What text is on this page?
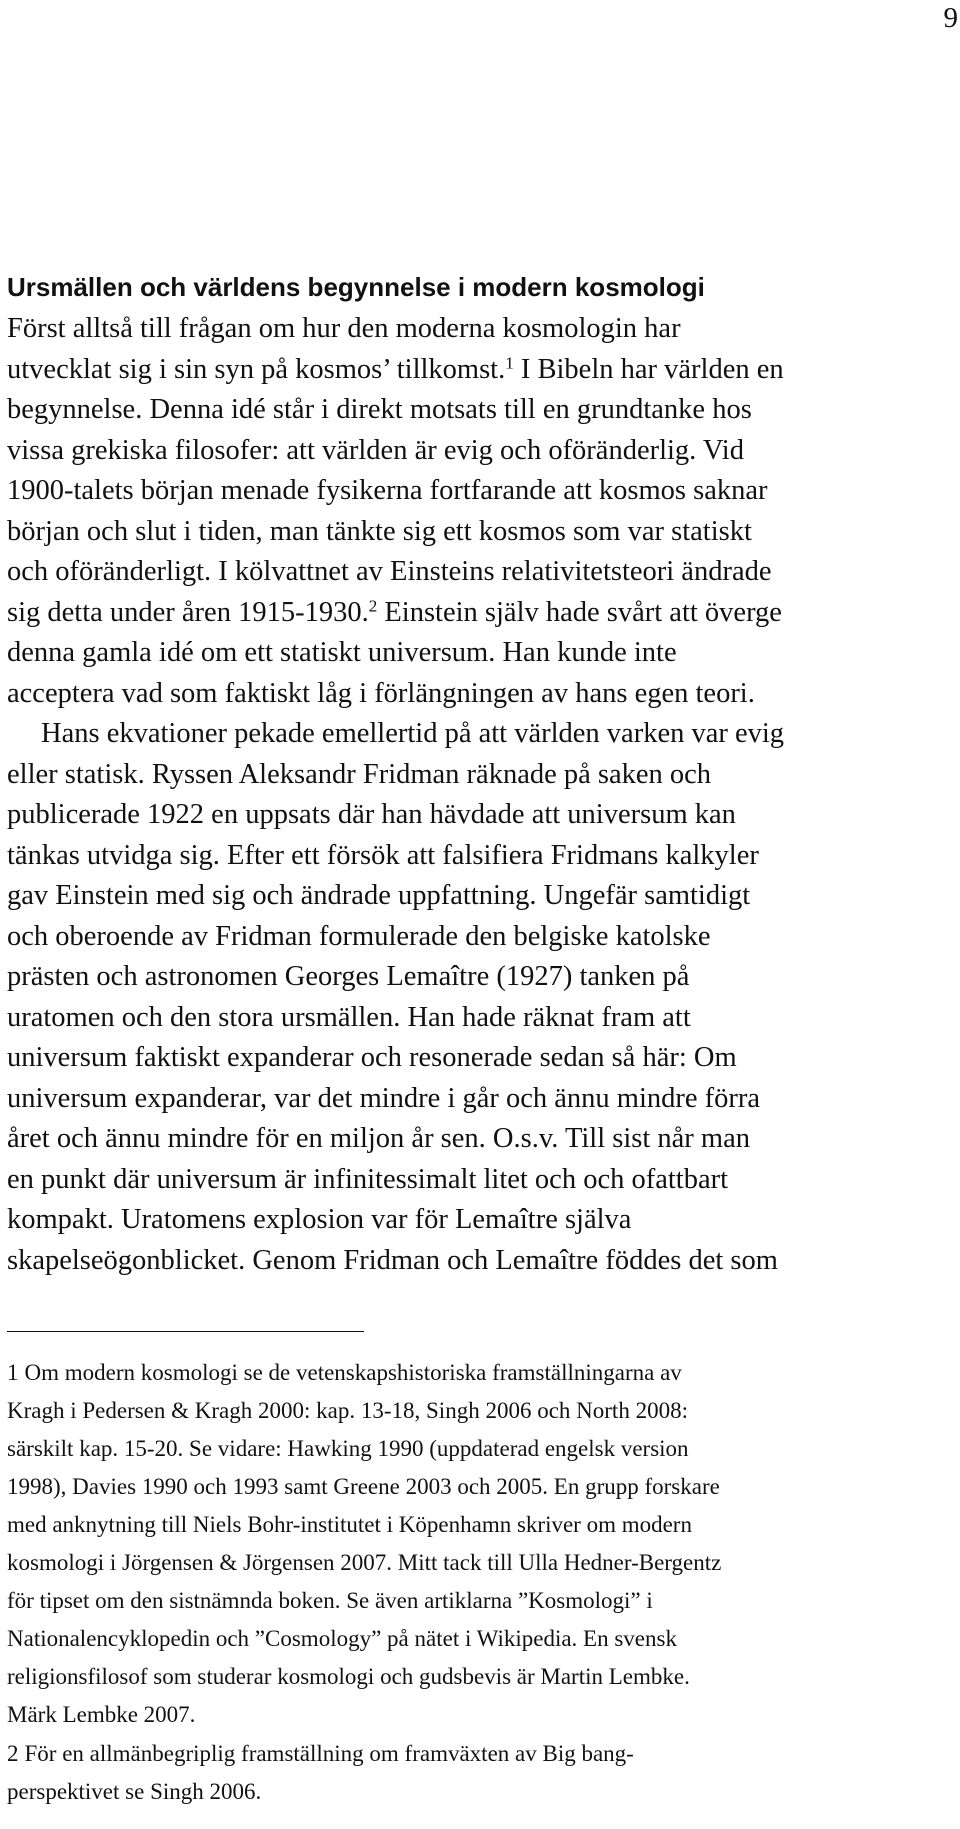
9
Ursmällen och världens begynnelse i modern kosmologi
Först alltså till frågan om hur den moderna kosmologin har
utvecklat sig i sin syn på kosmos’ tillkomst.$^1$ I Bibeln har världen en
begynnelse. Denna idé står i direkt motsats till en grundtanke hos
vissa grekiska filosofer: att världen är evig och oföränderlig. Vid
1900-talets början menade fysikerna fortfarande att kosmos saknar
början och slut i tiden, man tänkte sig ett kosmos som var statiskt
och oföränderligt. I kölvattnet av Einsteins relativitetsteori ändrade
sig detta under åren 1915-1930.$^2$ Einstein själv hade svårt att överge
denna gamla idé om ett statiskt universum. Han kunde inte
acceptera vad som faktiskt låg i förlängningen av hans egen teori.
Hans ekvationer pekade emellertid på att världen varken var evig
eller statisk. Ryssen Aleksandr Fridman räknade på saken och
publicerade 1922 en uppsats där han hävdade att universum kan
tänkas utvidga sig. Efter ett försök att falsifiera Fridmans kalkyler
gav Einstein med sig och ändrade uppfattning. Ungefär samtidigt
och oberoende av Fridman formulerade den belgiske katolske
prästen och astronomen Georges Lemaître (1927) tanken på
uratomen och den stora ursmällen. Han hade räknat fram att
universum faktiskt expanderar och resonerade sedan så här: Om
universum expanderar, var det mindre i går och ännu mindre förra
året och ännu mindre för en miljon år sen. O.s.v. Till sist når man
en punkt där universum är infinitessimalt litet och och ofattbart
kompakt. Uratomens explosion var för Lemaître själva
skapelseögonblicket. Genom Fridman och Lemaître föddes det som
1 Om modern kosmologi se de vetenskapshistoriska framställningarna av
Kragh i Pedersen & Kragh 2000: kap. 13-18, Singh 2006 och North 2008:
särskilt kap. 15-20. Se vidare: Hawking 1990 (uppdaterad engelsk version
1998), Davies 1990 och 1993 samt Greene 2003 och 2005. En grupp forskare
med anknytning till Niels Bohr-institutet i Köpenhamn skriver om modern
kosmologi i Jörgensen & Jörgensen 2007. Mitt tack till Ulla Hedner-Bergentz
för tipset om den sistnämnda boken. Se även artiklarna ”Kosmologi” i
Nationalencyklopedin och ”Cosmology” på nätet i Wikipedia. En svensk
religionsfilosof som studerar kosmologi och gudsbevis är Martin Lembke.
Märk Lembke 2007.
2 För en allmänbegriplig framställning om framväxten av Big bang-
perspektivet se Singh 2006.
